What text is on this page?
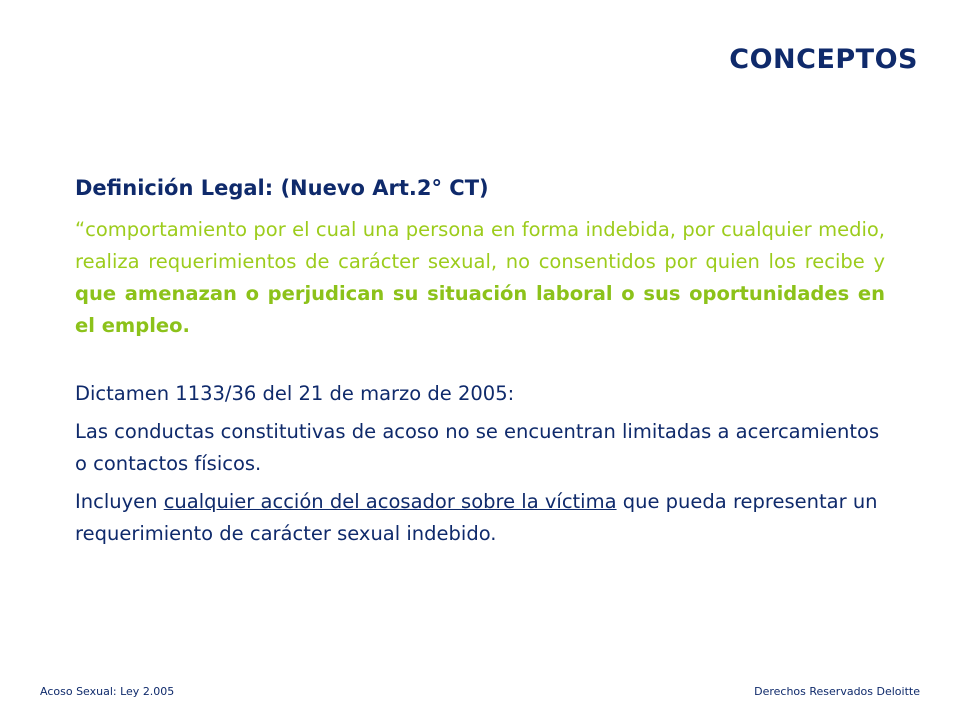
CONCEPTOS
Definición Legal: (Nuevo Art.2° CT)

“comportamiento por el cual una persona en forma indebida, por cualquier medio, realiza requerimientos de carácter sexual, no consentidos por quien los recibe y que amenazan o perjudican su situación laboral o sus oportunidades en el empleo.

Dictamen 1133/36 del 21 de marzo de 2005:

Las conductas constitutivas de acoso no se encuentran limitadas a acercamientos o contactos físicos.

Incluyen cualquier acción del acosador sobre la víctima que pueda representar un requerimiento de carácter sexual indebido.

Acoso Sexual: Ley 2.005	Derechos Reservados Deloitte
